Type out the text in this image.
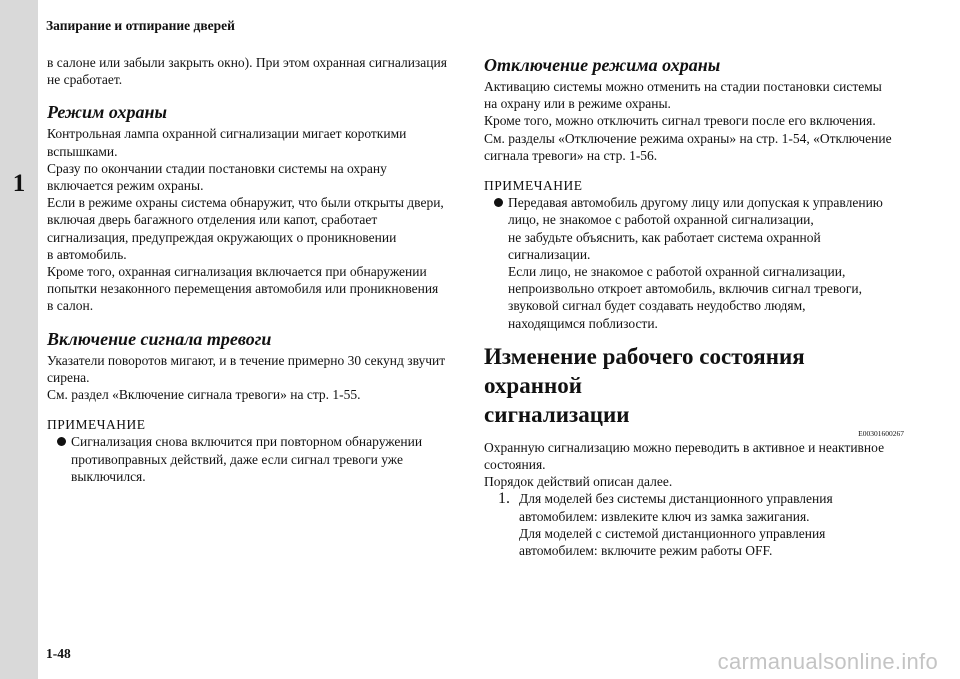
1
Запирание и отпирание дверей

в салоне или забыли закрыть окно). При этом охранная сигнализация

не сработает.

Режим охраны

Контрольная лампа охранной сигнализации мигает короткими

вспышками.

Сразу по окончании стадии постановки системы на охрану

включается режим охраны.

Если в режиме охраны система обнаружит, что были открыты двери,

включая дверь багажного отделения или капот, сработает

сигнализация, предупреждая окружающих о проникновении

в автомобиль.

Кроме того, охранная сигнализация включается при обнаружении

попытки незаконного перемещения автомобиля или проникновения

в салон.

Включение сигнала тревоги

Указатели поворотов мигают, и в течение примерно 30 секунд звучит

сирена.

См. раздел «Включение сигнала тревоги» на стр. 1-55.

ПРИМЕЧАНИЕ

Сигнализация снова включится при повторном обнаружении

противоправных действий, даже если сигнал тревоги уже

выключился.

Отключение режима охраны

Активацию системы можно отменить на стадии постановки системы

на охрану или в режиме охраны.

Кроме того, можно отключить сигнал тревоги после его включения.

См. разделы «Отключение режима охраны» на стр. 1-54, «Отключение

сигнала тревоги» на стр. 1-56.

ПРИМЕЧАНИЕ

Передавая автомобиль другому лицу или допуская к управлению

лицо, не знакомое с работой охранной сигнализации,

не забудьте объяснить, как работает система охранной

сигнализации.

Если лицо, не знакомое с работой охранной сигнализации,

непроизвольно откроет автомобиль, включив сигнал тревоги,

звуковой сигнал будет создавать неудобство людям,

находящимся поблизости.

Изменение рабочего состояния охранной
сигнализации

E00301600267

Охранную сигнализацию можно переводить в активное и неактивное

состояния.

Порядок действий описан далее.

1. Для моделей без системы дистанционного управления

автомобилем: извлеките ключ из замка зажигания.

Для моделей с системой дистанционного управления

автомобилем: включите режим работы OFF.

1-48	carmanualsonline.info
